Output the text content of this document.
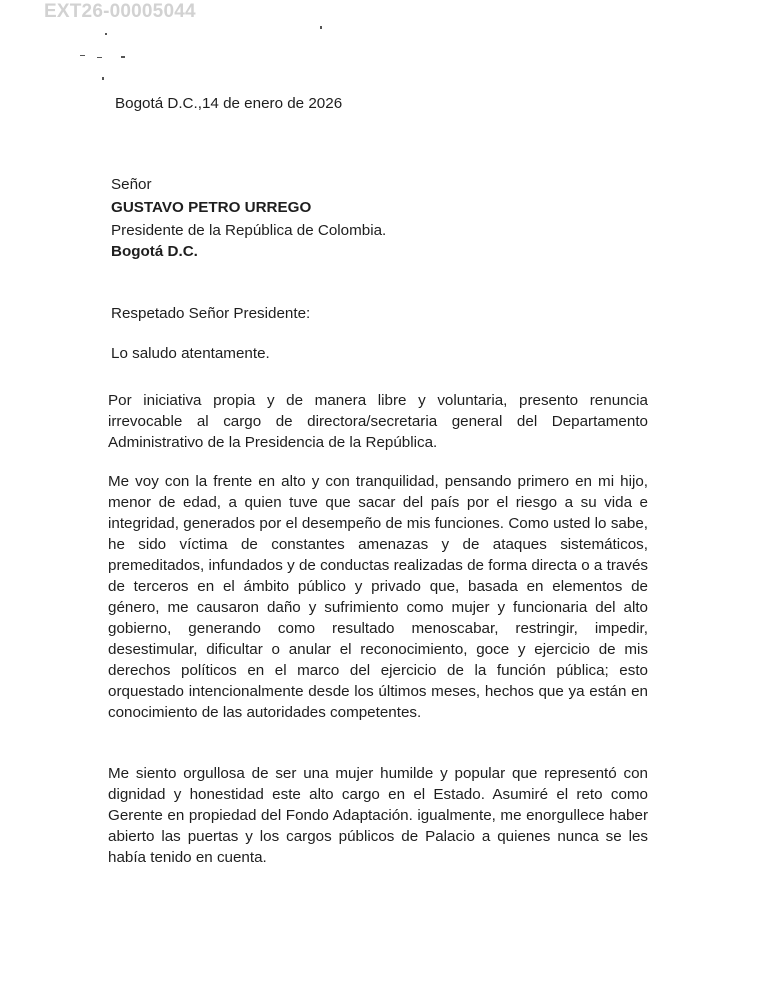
EXT26-00005044
Bogotá D.C.,14 de enero de 2026
Señor
GUSTAVO PETRO URREGO
Presidente de la República de Colombia.
Bogotá D.C.
Respetado Señor Presidente:
Lo saludo atentamente.
Por iniciativa propia y de manera libre y voluntaria, presento renuncia irrevocable al cargo de directora/secretaria general del Departamento Administrativo de la Presidencia de la República.
Me voy con la frente en alto y con tranquilidad, pensando primero en mi hijo, menor de edad, a quien tuve que sacar del país por el riesgo a su vida e integridad, generados por el desempeño de mis funciones. Como usted lo sabe, he sido víctima de constantes amenazas y de ataques sistemáticos, premeditados, infundados y de conductas realizadas de forma directa o a través de terceros en el ámbito público y privado que, basada en elementos de género, me causaron daño y sufrimiento como mujer y funcionaria del alto gobierno, generando como resultado menoscabar, restringir, impedir, desestimular, dificultar o anular el reconocimiento, goce y ejercicio de mis derechos políticos en el marco del ejercicio de la función pública; esto orquestado intencionalmente desde los últimos meses, hechos que ya están en conocimiento de las autoridades competentes.
Me siento orgullosa de ser una mujer humilde y popular que representó con dignidad y honestidad este alto cargo en el Estado. Asumiré el reto como Gerente en propiedad del Fondo Adaptación. igualmente, me enorgullece haber abierto las puertas y los cargos públicos de Palacio a quienes nunca se les había tenido en cuenta.
